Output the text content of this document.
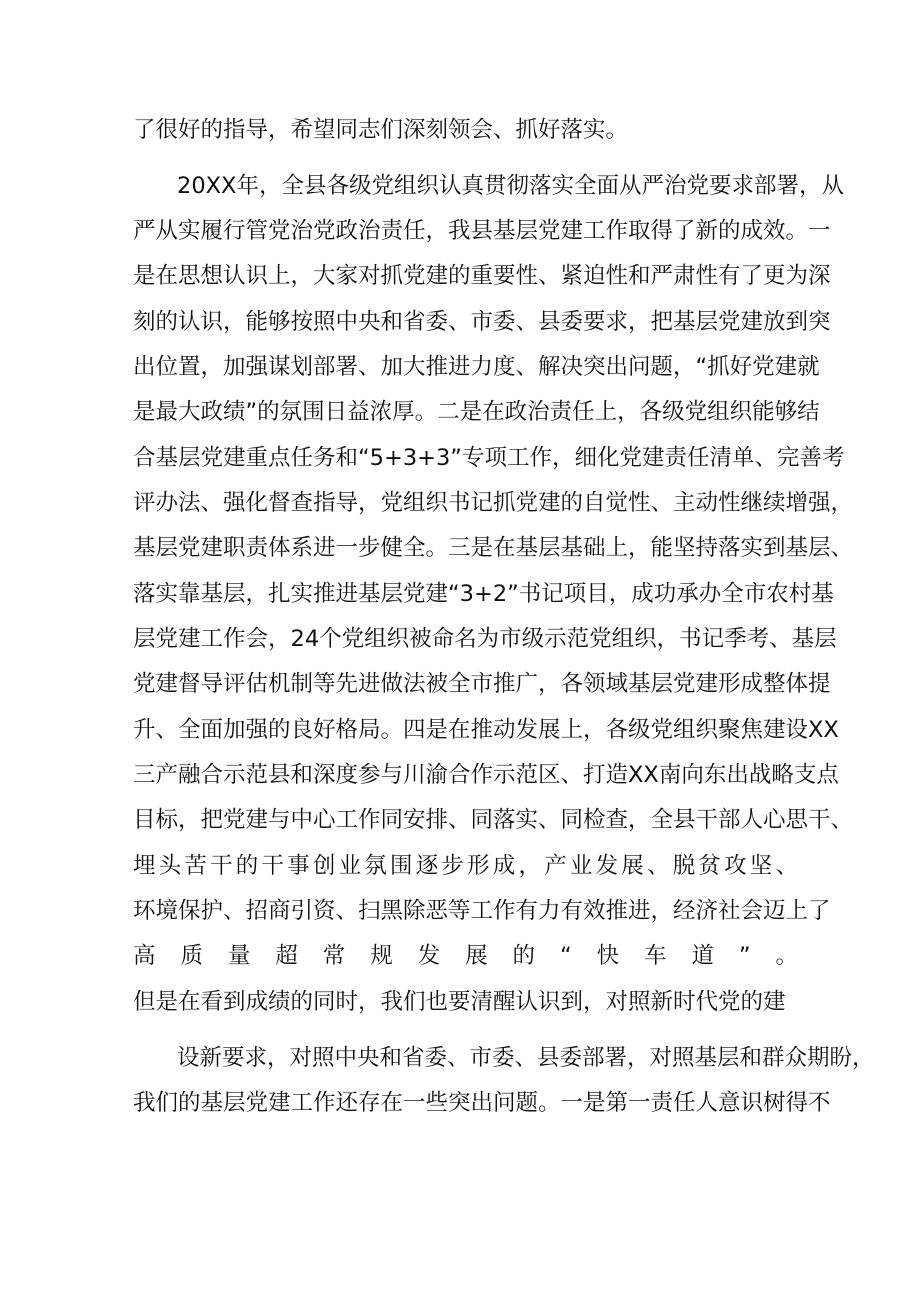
了很好的指导，希望同志们深刻领会、抓好落实。
20XX年，全县各级党组织认真贯彻落实全面从严治党要求部署，从
严从实履行管党治党政治责任，我县基层党建工作取得了新的成效。一
是在思想认识上，大家对抓党建的重要性、紧迫性和严肃性有了更为深
刻的认识，能够按照中央和省委、市委、县委要求，把基层党建放到突
出位置，加强谋划部署、加大推进力度、解决突出问题，“抓好党建就
是最大政绩”的氛围日益浓厚。二是在政治责任上，各级党组织能够结
合基层党建重点任务和“5+3+3”专项工作，细化党建责任清单、完善考
评办法、强化督查指导，党组织书记抓党建的自觉性、主动性继续增强，
基层党建职责体系进一步健全。三是在基层基础上，能坚持落实到基层、
落实靠基层，扎实推进基层党建“3+2”书记项目，成功承办全市农村基
层党建工作会，24个党组织被命名为市级示范党组织，书记季考、基层
党建督导评估机制等先进做法被全市推广，各领域基层党建形成整体提
升、全面加强的良好格局。四是在推动发展上，各级党组织聚焦建设XX
三产融合示范县和深度参与川渝合作示范区、打造XX南向东出战略支点
目标，把党建与中心工作同安排、同落实、同检查，全县干部人心思干、
埋头苦干的干事创业氛围逐步形成，产业发展、脱贫攻坚、
环境保护、招商引资、扫黑除恶等工作有力有效推进，经济社会迈上了
高质量超常规发展的“快车道”。
但是在看到成绩的同时，我们也要清醒认识到，对照新时代党的建
设新要求，对照中央和省委、市委、县委部署，对照基层和群众期盼，
我们的基层党建工作还存在一些突出问题。一是第一责任人意识树得不
